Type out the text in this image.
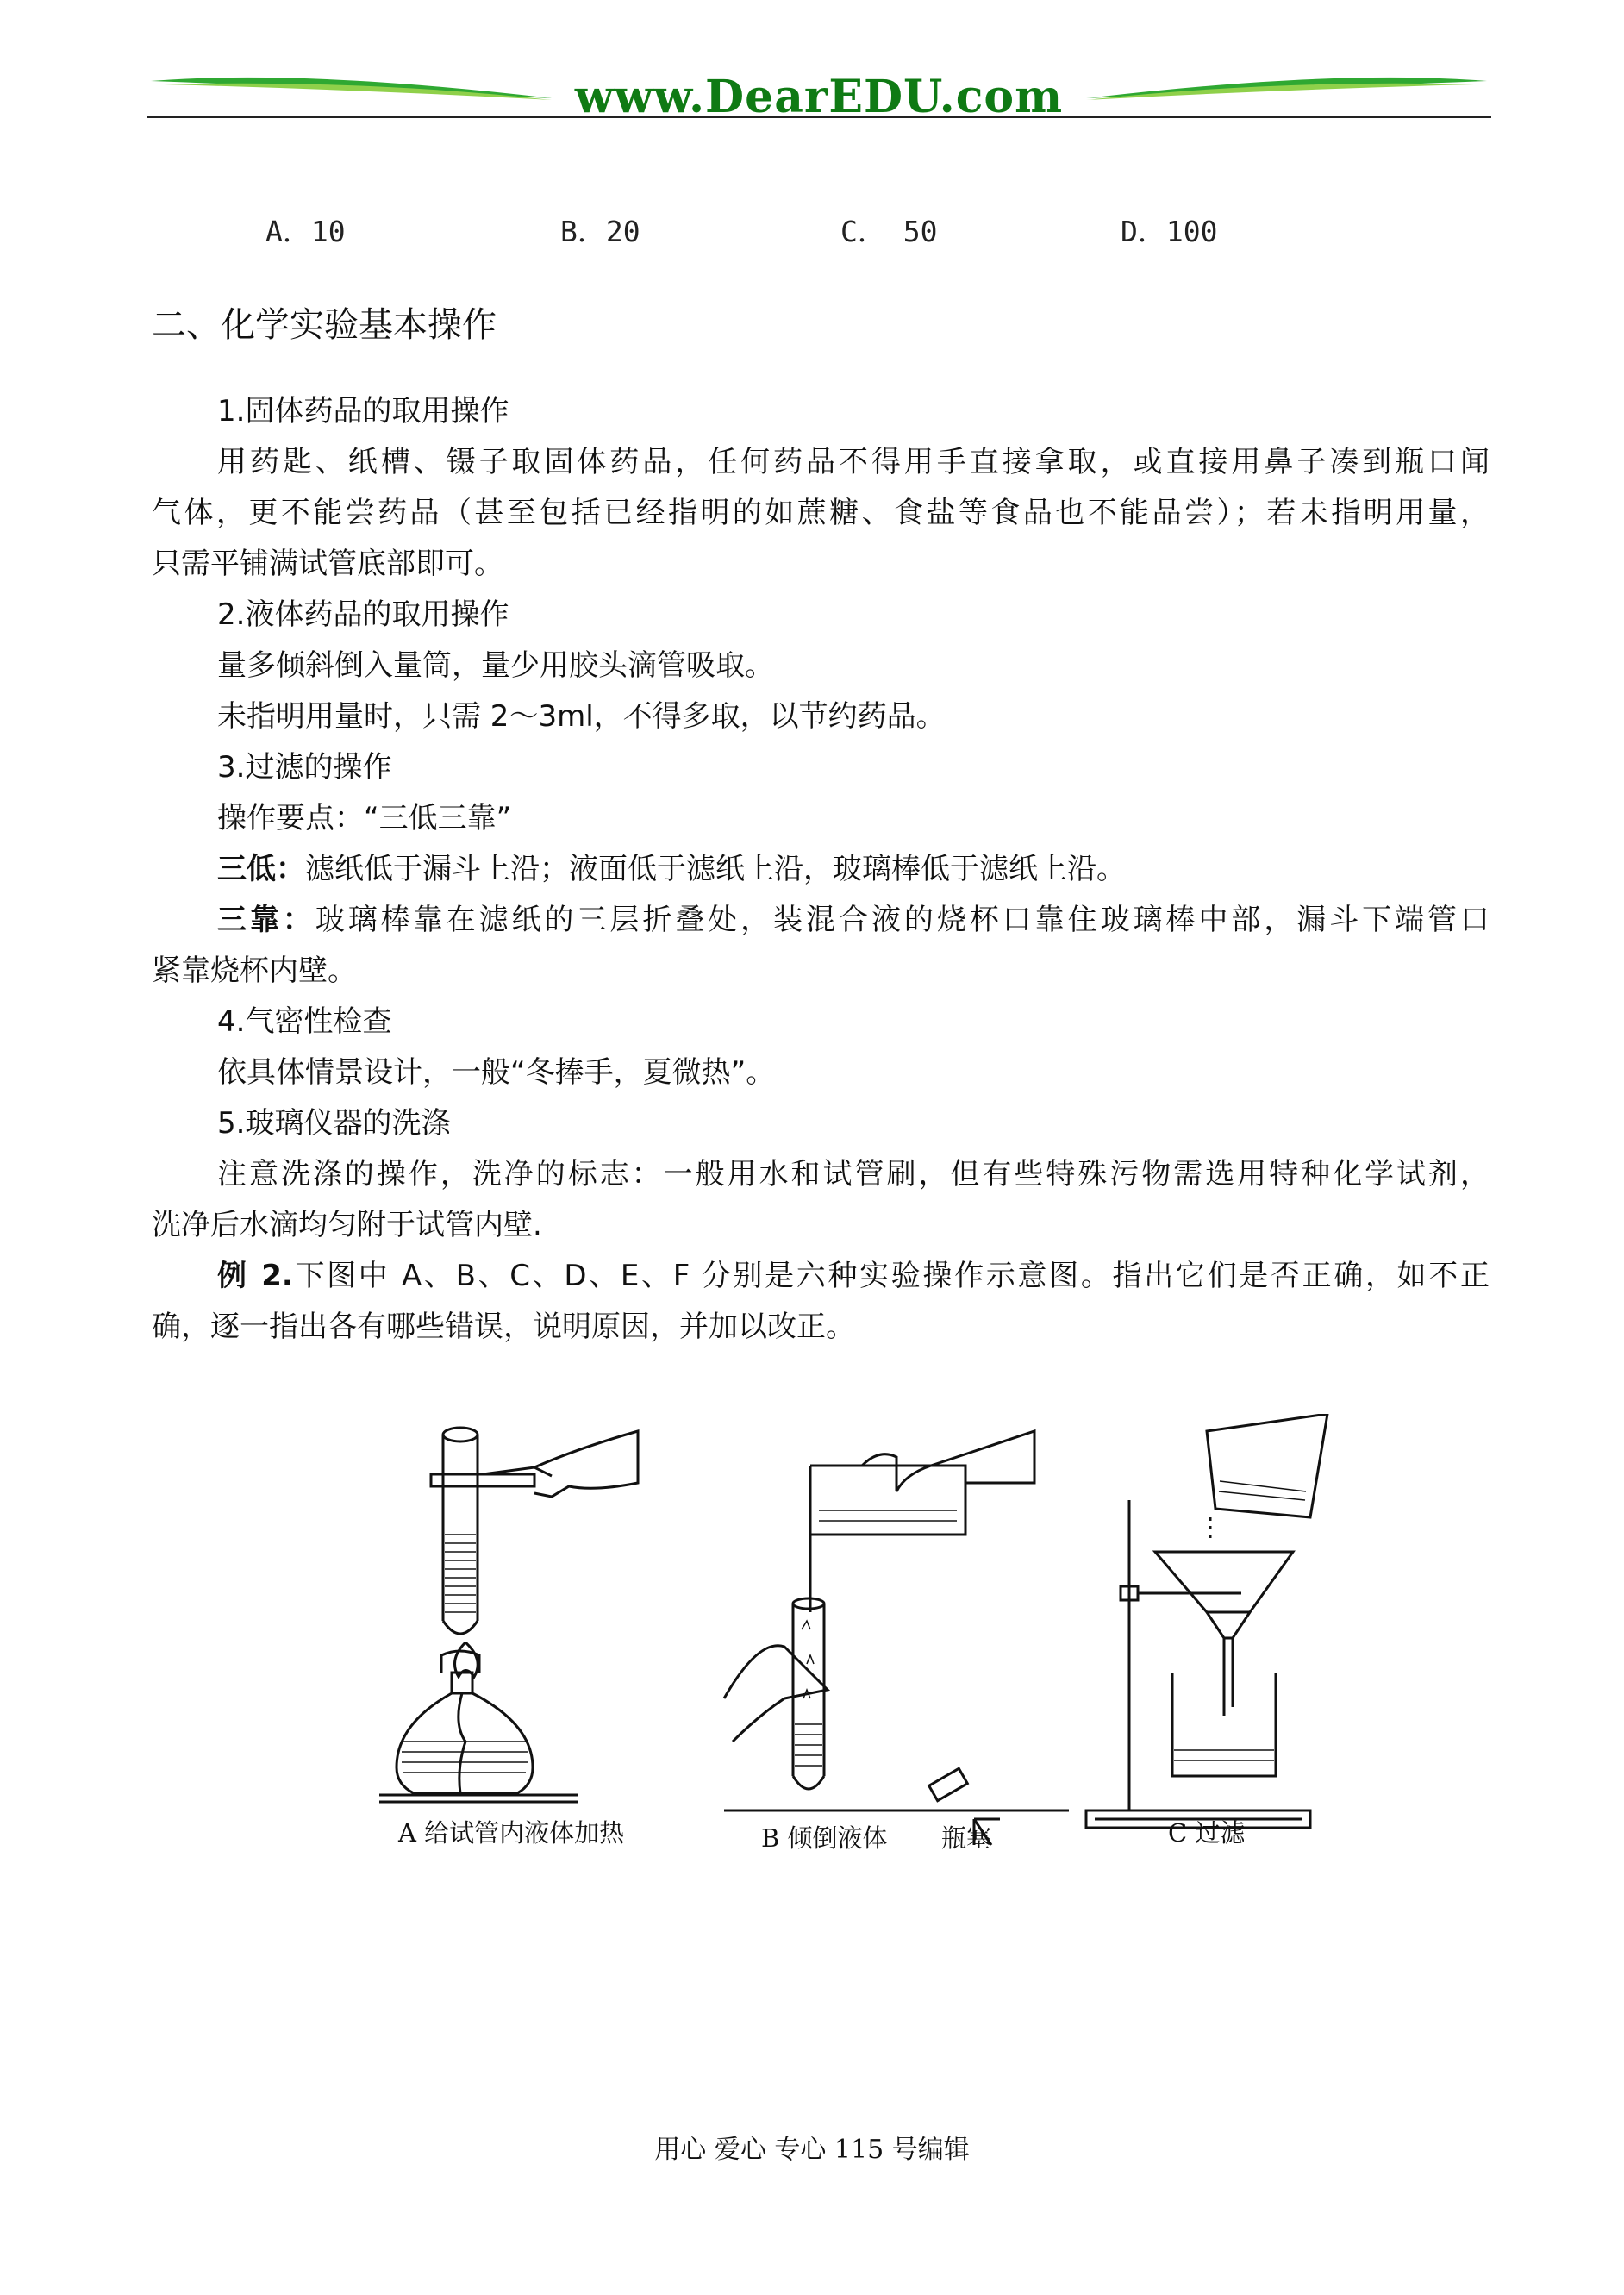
www.DearEDU.com
A．10	B．20	C． 50	D．100
二、化学实验基本操作
1.固体药品的取用操作
用药匙、纸槽、镊子取固体药品，任何药品不得用手直接拿取，或直接用鼻子凑到瓶口闻
气体，更不能尝药品（甚至包括已经指明的如蔗糖、食盐等食品也不能品尝）；若未指明用量，
只需平铺满试管底部即可。
2.液体药品的取用操作
量多倾斜倒入量筒，量少用胶头滴管吸取。
未指明用量时，只需 2～3ml，不得多取，以节约药品。
3.过滤的操作
操作要点：“三低三靠”
三低：滤纸低于漏斗上沿；液面低于滤纸上沿，玻璃棒低于滤纸上沿。
三靠：玻璃棒靠在滤纸的三层折叠处，装混合液的烧杯口靠住玻璃棒中部，漏斗下端管口
紧靠烧杯内壁。
4.气密性检查
依具体情景设计，一般“冬捧手，夏微热”。
5.玻璃仪器的洗涤
注意洗涤的操作，洗净的标志：一般用水和试管刷，但有些特殊污物需选用特种化学试剂，
洗净后水滴均匀附于试管内壁.
例 2.下图中 A、B、C、D、E、F 分别是六种实验操作示意图。指出它们是否正确，如不正
确，逐一指出各有哪些错误，说明原因，并加以改正。
A 给试管内液体加热	B 倾倒液体 瓶塞	C 过滤
用心 爱心 专心 115 号编辑
